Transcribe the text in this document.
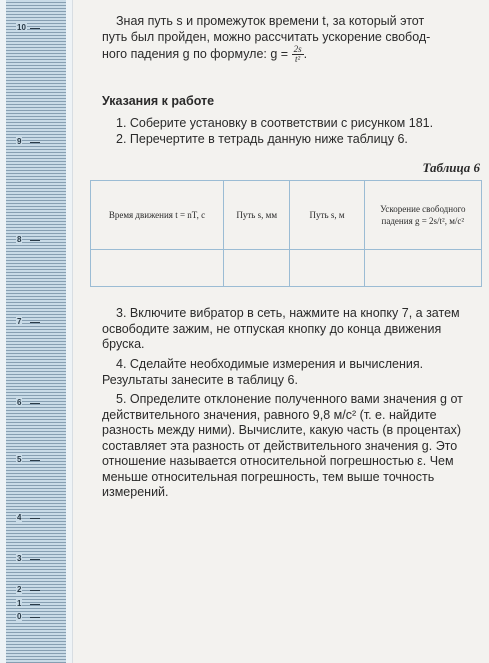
10
9
8
7
6
5
4
3
2
1
0

Зная путь s и промежуток времени t, за который этот

путь был пройден, можно рассчитать ускорение свобод-

ного падения g по формуле: $g = \frac{2s}{\text{t²}}$ .

Указания к работе
1. Соберите установку в соответствии с рисунком 181.
2. Перечертите в тетрадь данную ниже таблицу 6.
Таблица 6
Время движения t = nT, с	Путь s, мм	Путь s, м	Ускорение свободного падения g = 2s/t², м/с²

3. Включите вибратор в сеть, нажмите на кнопку 7, а затем освободите зажим, не отпуская кнопку до конца движения бруска.

4. Сделайте необходимые измерения и вычисления. Результаты занесите в таблицу 6.

5. Определите отклонение полученного вами значения g от действительного значения, равного 9,8 м/с² (т. е. найдите разность между ними). Вычислите, какую часть (в процентах) составляет эта разность от действительного значения g. Это отношение называется относительной погрешностью ε. Чем меньше относительная погрешность, тем выше точность измерений.
